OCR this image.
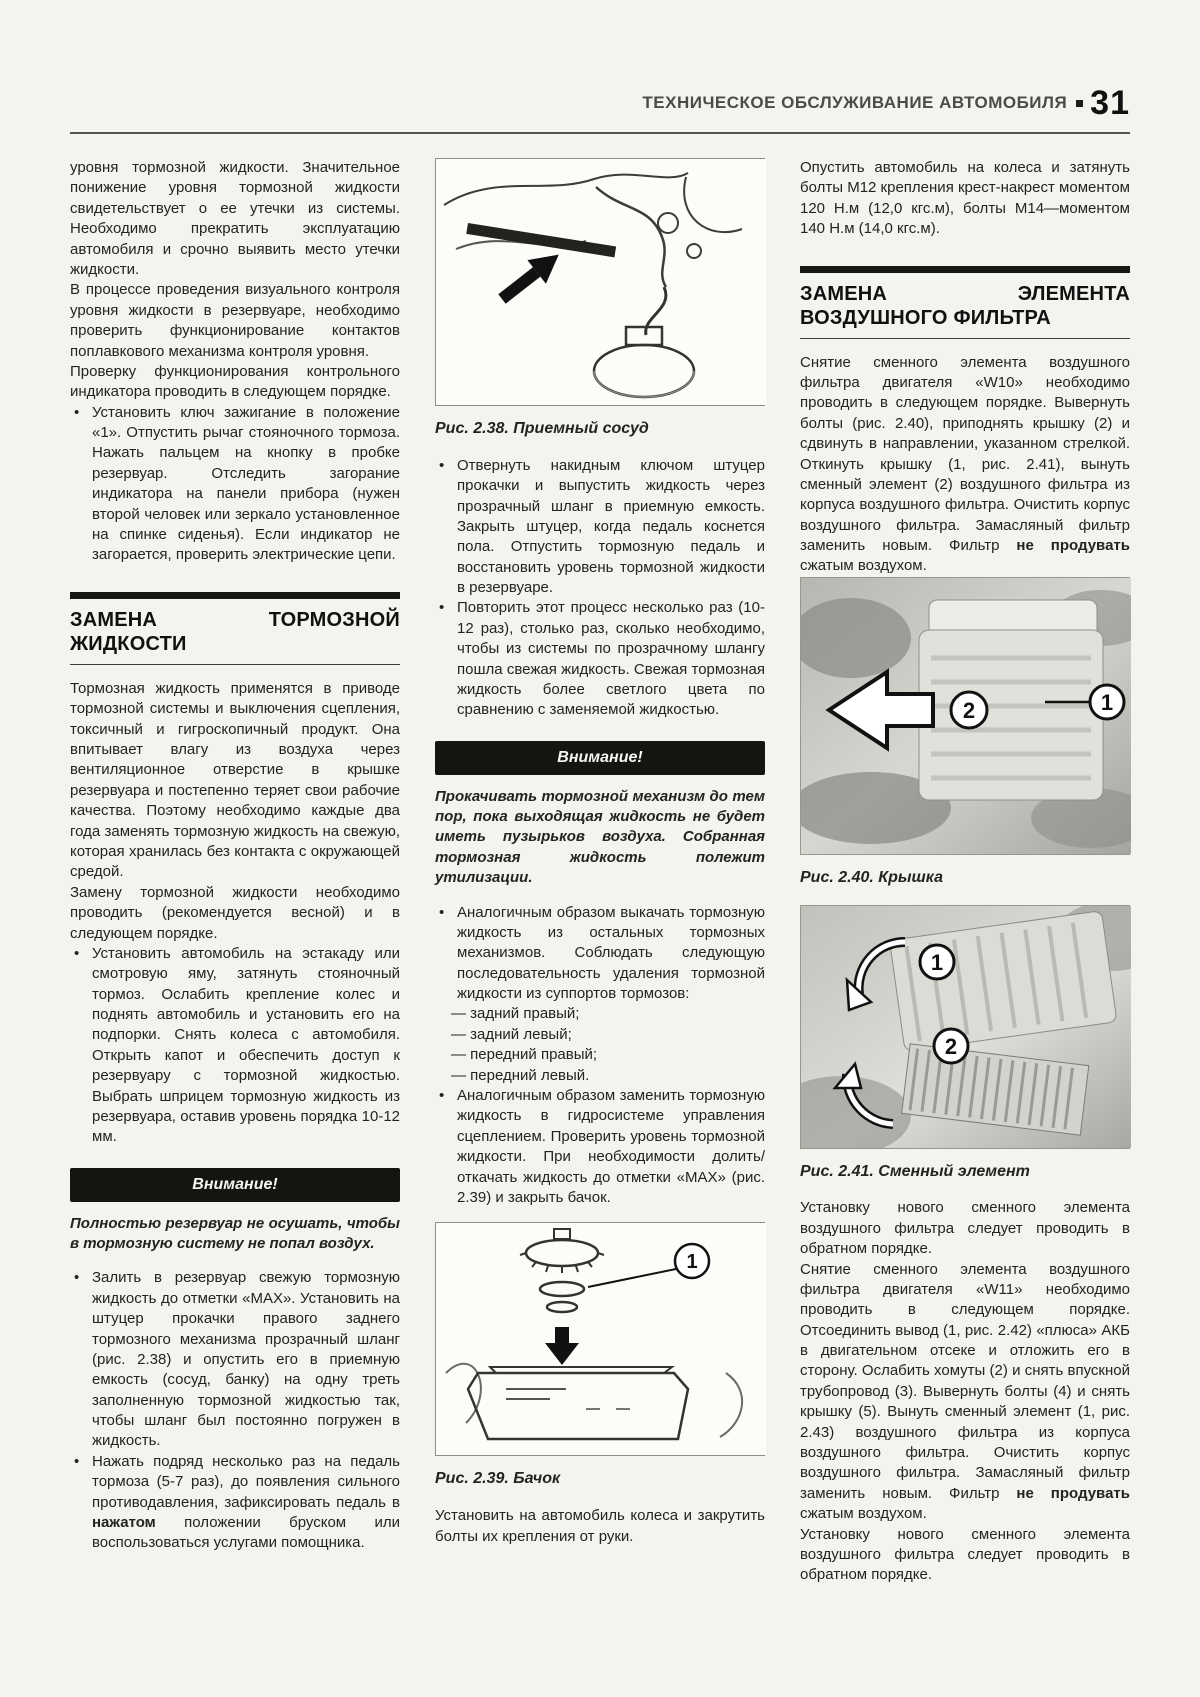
ТЕХНИЧЕСКОЕ ОБСЛУЖИВАНИЕ АВТОМОБИЛЯ 31

уровня тормозной жидкости. Значительное понижение уровня тормозной жидкости свидетельствует о ее утечки из системы. Необходимо прекратить эксплуатацию автомобиля и срочно выявить место утечки жидкости.

В процессе проведения визуального контроля уровня жидкости в резервуаре, необходимо проверить функционирование контактов поплавкового механизма контроля уровня.

Проверку функционирования контрольного индикатора проводить в следующем порядке.

• Установить ключ зажигание в положение «1». Отпустить рычаг стояночного тормоза. Нажать пальцем на кнопку в пробке резервуар. Отследить загорание индикатора на панели прибора (нужен второй человек или зеркало установленное на спинке сиденья). Если индикатор не загорается, проверить электрические цепи.
ЗАМЕНА ТОРМОЗНОЙ ЖИДКОСТИ

Тормозная жидкость применятся в приводе тормозной системы и выключения сцепления, токсичный и гигроскопичный продукт. Она впитывает влагу из воздуха через вентиляционное отверстие в крышке резервуара и постепенно теряет свои рабочие качества. Поэтому необходимо каждые два года заменять тормозную жидкость на свежую, которая хранилась без контакта с окружающей средой.

Замену тормозной жидкости необходимо проводить (рекомендуется весной) и в следующем порядке.

• Установить автомобиль на эстакаду или смотровую яму, затянуть стояночный тормоз. Ослабить крепление колес и поднять автомобиль и установить его на подпорки. Снять колеса с автомобиля. Открыть капот и обеспечить доступ к резервуару с тормозной жидкостью. Выбрать шприцем тормозную жидкость из резервуара, оставив уровень порядка 10-12 мм.
Внимание!

Полностью резервуар не осушать, чтобы в тормозную систему не попал воздух.

• Залить в резервуар свежую тормозную жидкость до отметки «MAX». Установить на штуцер прокачки правого заднего тормозного механизма прозрачный шланг (рис. 2.38) и опустить его в приемную емкость (сосуд, банку) на одну треть заполненную тормозной жидкостью так, чтобы шланг был постоянно погружен в жидкость.
• Нажать подряд несколько раз на педаль тормоза (5-7 раз), до появления сильного противодавления, зафиксировать педаль в нажатом положении бруском или воспользоваться услугами помощника.
Рис. 2.38. Приемный сосуд
• Отвернуть накидным ключом штуцер прокачки и выпустить жидкость через прозрачный шланг в приемную емкость. Закрыть штуцер, когда педаль коснется пола. Отпустить тормозную педаль и восстановить уровень тормозной жидкости в резервуаре.
• Повторить этот процесс несколько раз (10-12 раз), столько раз, сколько необходимо, чтобы из системы по прозрачному шлангу пошла свежая жидкость. Свежая тормозная жидкость более светлого цвета по сравнению с заменяемой жидкостью.
Внимание!

Прокачивать тормозной механизм до тем пор, пока выходящая жидкость не будет иметь пузырьков воздуха. Собранная тормозная жидкость полежит утилизации.

• Аналогичным образом выкачать тормозную жидкость из остальных тормозных механизмов. Соблюдать следующую последовательность удаления тормозной жидкости из суппортов тормозов:
— задний правый;
— задний левый;
— передний правый;
— передний левый.
• Аналогичным образом заменить тормозную жидкость в гидросистеме управления сцеплением. Проверить уровень тормозной жидкости. При необходимости долить/откачать жидкость до отметки «MAX» (рис. 2.39) и закрыть бачок.
1
Рис. 2.39. Бачок

Установить на автомобиль колеса и закрутить болты их крепления от руки.

Опустить автомобиль на колеса и затянуть болты М12 крепления крест-накрест моментом 120 Н.м (12,0 кгс.м), болты М14—моментом 140 Н.м (14,0 кгс.м).

ЗАМЕНА ЭЛЕМЕНТА ВОЗДУШНОГО ФИЛЬТРА

Снятие сменного элемента воздушного фильтра двигателя «W10» необходимо проводить в следующем порядке. Вывернуть болты (рис. 2.40), приподнять крышку (2) и сдвинуть в направлении, указанном стрелкой. Откинуть крышку (1, рис. 2.41), вынуть сменный элемент (2) воздушного фильтра из корпуса воздушного фильтра. Очистить корпус воздушного фильтра. Замасляный фильтр заменить новым. Фильтр не продувать сжатым воздухом.

2	1
Рис. 2.40. Крышка
1
2
Рис. 2.41. Сменный элемент

Установку нового сменного элемента воздушного фильтра следует проводить в обратном порядке.

Снятие сменного элемента воздушного фильтра двигателя «W11» необходимо проводить в следующем порядке. Отсоединить вывод (1, рис. 2.42) «плюса» АКБ в двигательном отсеке и отложить его в сторону. Ослабить хомуты (2) и снять впускной трубопровод (3). Вывернуть болты (4) и снять крышку (5). Вынуть сменный элемент (1, рис. 2.43) воздушного фильтра из корпуса воздушного фильтра. Очистить корпус воздушного фильтра. Замасляный фильтр заменить новым. Фильтр не продувать сжатым воздухом.

Установку нового сменного элемента воздушного фильтра следует проводить в обратном порядке.
